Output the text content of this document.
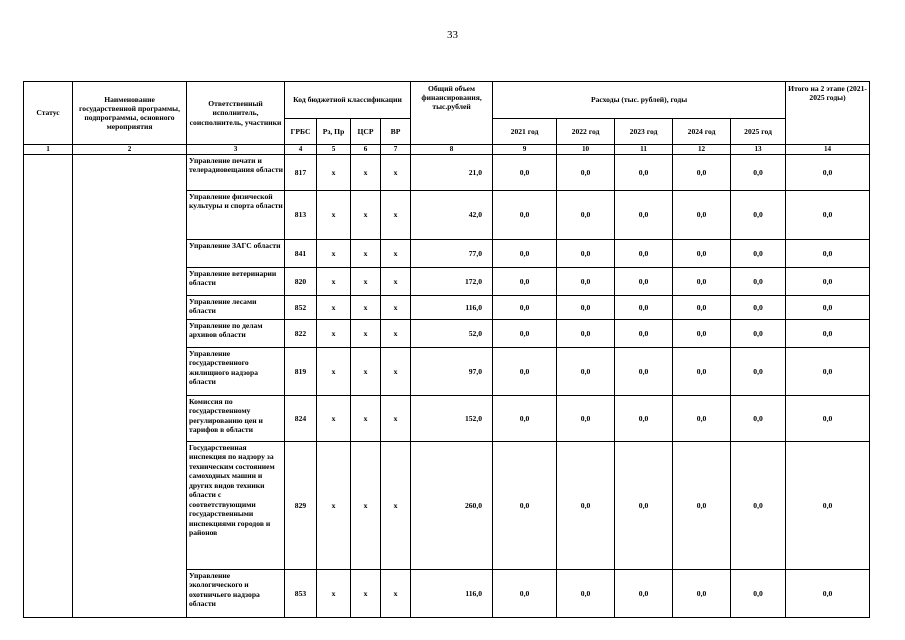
33
Статус	Наименование государственной программы, подпрограммы, основного мероприятия	Ответственный исполнитель, соисполнитель, участники	Код бюджетной классификации				Общий объем финансирования, тыс.рублей	Расходы (тыс. рублей), годы					Итого на 2 этапе (2021-2025 годы)
			ГРБС	Рз, Пр	ЦСР	ВР		2021 год	2022 год	2023 год	2024 год	2025 год	
1	2	3	4	5	6	7	8	9	10	11	12	13	14
		Управление печати и телерадиовещания области	817	x	x	x	21,0	0,0	0,0	0,0	0,0	0,0	0,0
		Управление физической культуры и спорта области	813	x	x	x	42,0	0,0	0,0	0,0	0,0	0,0	0,0
		Управление ЗАГС области	841	x	x	x	77,0	0,0	0,0	0,0	0,0	0,0	0,0
		Управление ветеринарии области	820	x	x	x	172,0	0,0	0,0	0,0	0,0	0,0	0,0
		Управление лесами области	852	x	x	x	116,0	0,0	0,0	0,0	0,0	0,0	0,0
		Управление по делам архивов области	822	x	x	x	52,0	0,0	0,0	0,0	0,0	0,0	0,0
		Управление государственного жилищного надзора области	819	x	x	x	97,0	0,0	0,0	0,0	0,0	0,0	0,0
		Комиссия по государственному регулированию цен и тарифов в области	824	x	x	x	152,0	0,0	0,0	0,0	0,0	0,0	0,0
		Государственная инспекция по надзору за техническим состоянием самоходных машин и других видов техники области с соответствующими государственными инспекциями городов и районов	829	x	x	x	260,0	0,0	0,0	0,0	0,0	0,0	0,0
		Управление экологического и охотничьего надзора области	853	x	x	x	116,0	0,0	0,0	0,0	0,0	0,0	0,0
